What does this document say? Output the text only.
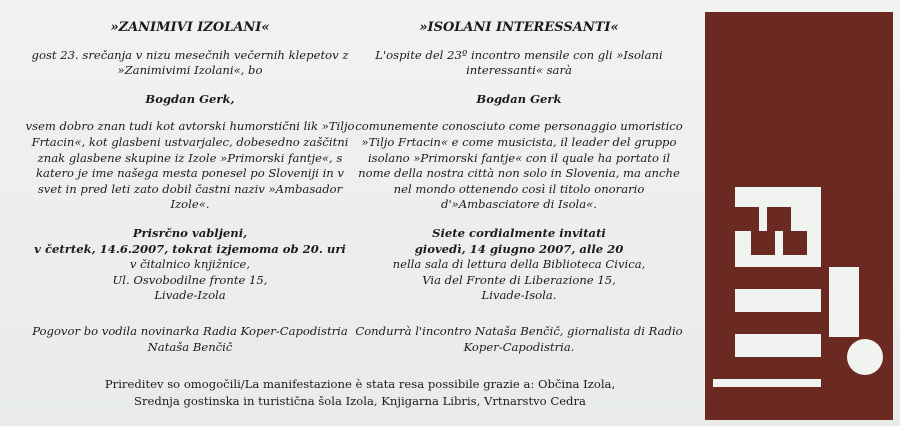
»ZANIMIVI IZOLANI«

gost 23. srečanja v nizu mesečnih večernih klepetov z »Zanimivimi Izolani«, bo

Bogdan Gerk,

vsem dobro znan tudi kot avtorski humorstični lik »Tiljo Frtacin«, kot glasbeni ustvarjalec, dobesedno zaščitni znak glasbene skupine iz Izole »Primorski fantje«, s katero je ime našega mesta ponesel po Sloveniji in v svet in pred leti zato dobil častni naziv »Ambasador Izole«.

Prisrčno vabljeni,
v četrtek, 14.6.2007, tokrat izjemoma ob 20. uri
v čitalnico knjižnice,
Ul. Osvobodilne fronte 15,
Livade-Izola

Pogovor bo vodila novinarka Radia Koper-Capodistria Nataša Benčič

»ISOLANI INTERESSANTI«

L'ospite del 23º incontro mensile con gli »Isolani interessanti« sarà

Bogdan Gerk

comunemente conosciuto come personaggio umoristico »Tiljo Frtacin« e come musicista, il leader del gruppo isolano »Primorski fantje« con il quale ha portato il nome della nostra città non solo in Slovenia, ma anche nel mondo ottenendo così il titolo onorario d'»Ambasciatore di Isola«.

Siete cordialmente invitati
giovedì, 14 giugno 2007, alle 20
nella sala di lettura della Biblioteca Civica,
Via del Fronte di Liberazione 15,
Livade-Isola.

Condurrà l'incontro Nataša Benčič, giornalista di Radio Koper-Capodistria.

Prireditev so omogočili/La manifestazione è stata resa possibile grazie a: Občina Izola,
Srednja gostinska in turistična šola Izola, Knjigarna Libris, Vrtnarstvo Cedra
